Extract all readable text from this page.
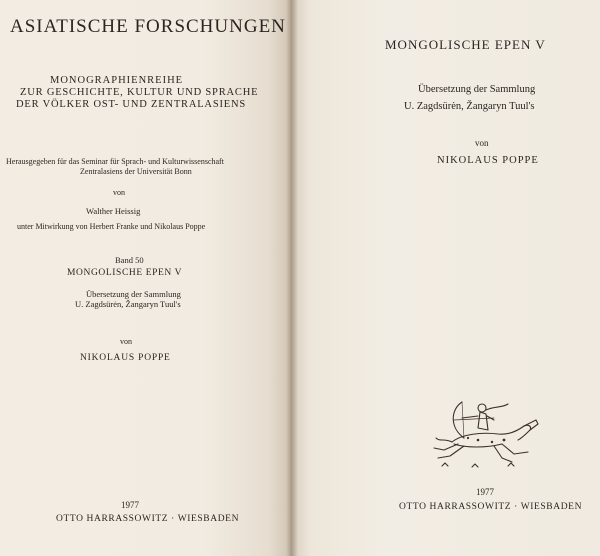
ASIATISCHE FORSCHUNGEN
MONOGRAPHIENREIHE
ZUR GESCHICHTE, KULTUR UND SPRACHE
DER VÖLKER OST- UND ZENTRALASIENS
Herausgegeben für das Seminar für Sprach- und Kulturwissenschaft
Zentralasiens der Universität Bonn
von
Walther Heissig
unter Mitwirkung von Herbert Franke und Nikolaus Poppe
Band 50
MONGOLISCHE EPEN V
Übersetzung der Sammlung
U. Zagdsürėn, Žangaryn Tuul's
von
NIKOLAUS POPPE
1977
OTTO HARRASSOWITZ · WIESBADEN
MONGOLISCHE EPEN V
Übersetzung der Sammlung
U. Zagdsürėn, Žangaryn Tuul's
von
NIKOLAUS POPPE
1977
OTTO HARRASSOWITZ · WIESBADEN
